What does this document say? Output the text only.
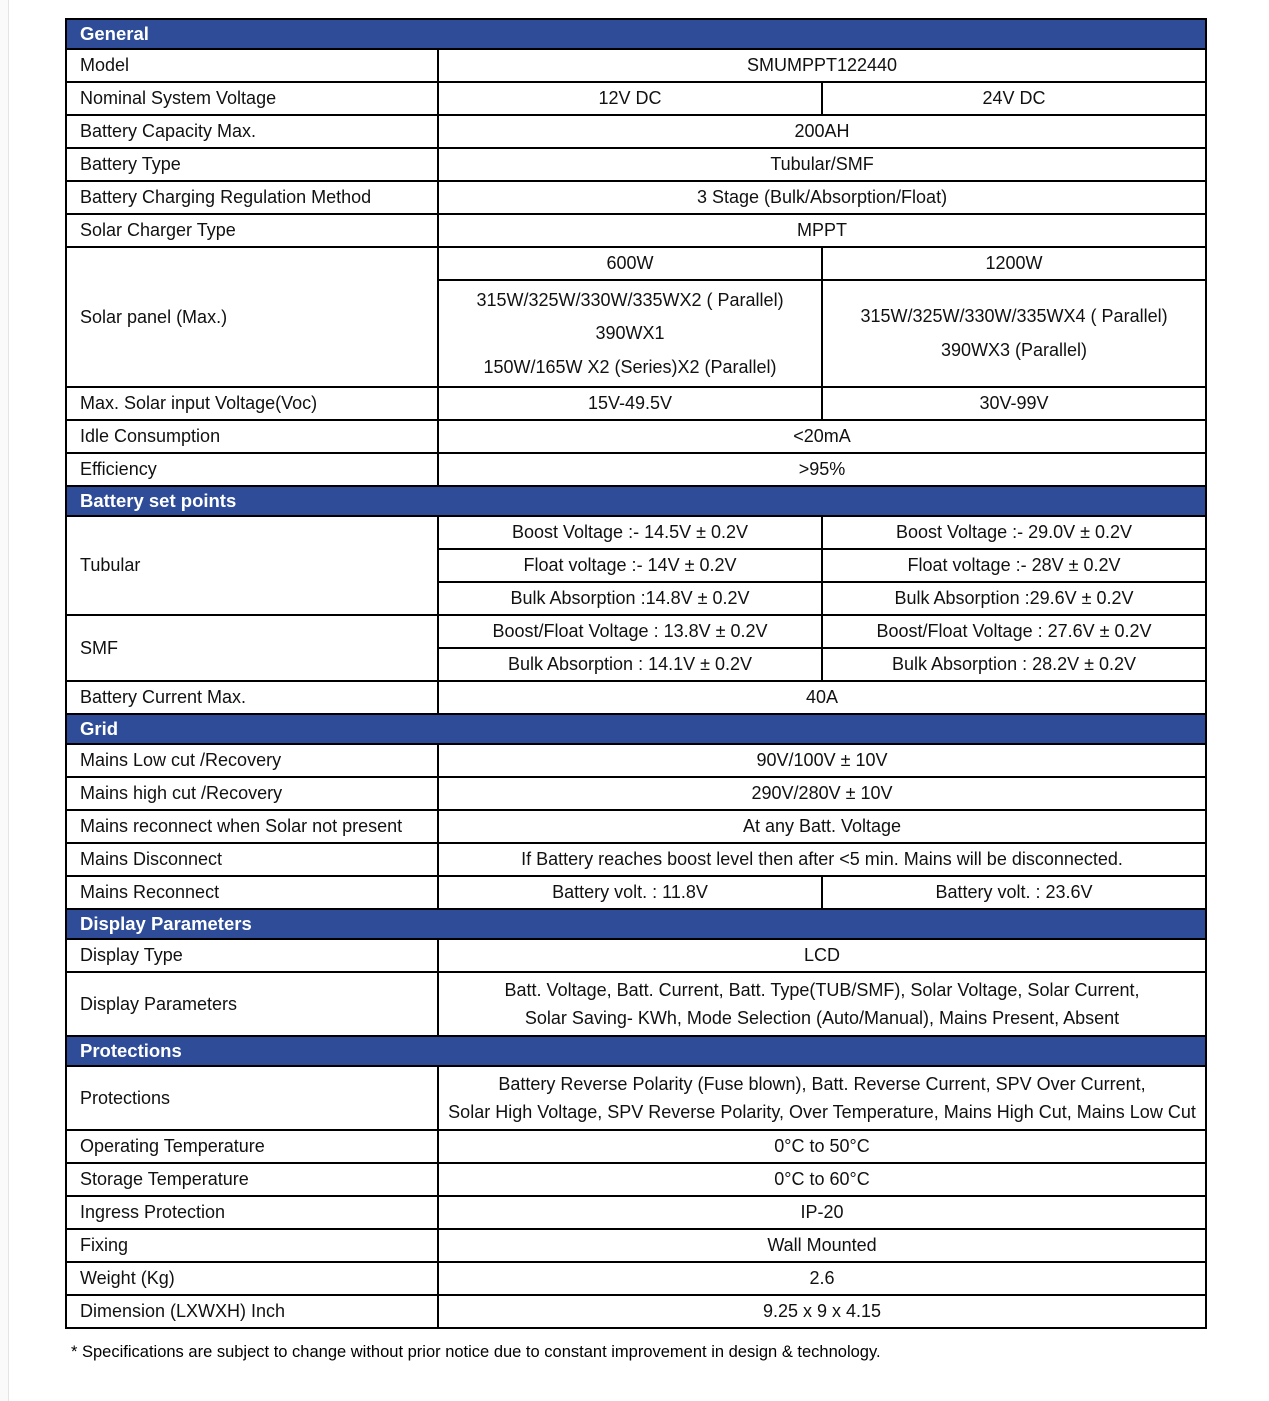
General		
Model	SMUMPPT122440	
Nominal System Voltage	12V DC	24V DC
Battery Capacity Max.	200AH	
Battery Type	Tubular/SMF	
Battery Charging Regulation Method	3 Stage (Bulk/Absorption/Float)	
Solar Charger Type	MPPT	
Solar panel (Max.)	600W	1200W

315W/325W/330W/335WX2 ( Parallel)
390WX1
150W/165W X2 (Series)X2 (Parallel)

315W/325W/330W/335WX4 ( Parallel)
390WX3 (Parallel)

Max. Solar input Voltage(Voc)	15V-49.5V	30V-99V
Idle Consumption	<20mA	
Efficiency	>95%	
Battery set points		
Tubular	Boost Voltage :- 14.5V ± 0.2V	Boost Voltage :- 29.0V ± 0.2V
	Float voltage :- 14V ± 0.2V	Float voltage :- 28V ± 0.2V
	Bulk Absorption :14.8V ± 0.2V	Bulk Absorption :29.6V ± 0.2V
SMF	Boost/Float Voltage : 13.8V ± 0.2V	Boost/Float Voltage : 27.6V ± 0.2V
	Bulk Absorption : 14.1V ± 0.2V	Bulk Absorption : 28.2V ± 0.2V
Battery Current Max.	40A	
Grid		
Mains Low cut /Recovery	90V/100V ± 10V	
Mains high cut /Recovery	290V/280V ± 10V	
Mains reconnect when Solar not present	At any Batt. Voltage	
Mains Disconnect	If Battery reaches boost level then after <5 min. Mains will be disconnected.	
Mains Reconnect	Battery volt. : 11.8V	Battery volt. : 23.6V
Display Parameters		
Display Type	LCD	
Display Parameters	Batt. Voltage, Batt. Current, Batt. Type(TUB/SMF), Solar Voltage, Solar Current,
Solar Saving- KWh, Mode Selection (Auto/Manual), Mains Present, Absent	

Protections		
Protections	Battery Reverse Polarity (Fuse blown), Batt. Reverse Current, SPV Over Current,
Solar High Voltage, SPV Reverse Polarity, Over Temperature, Mains High Cut, Mains Low Cut	

Operating Temperature	0°C to 50°C	
Storage Temperature	0°C to 60°C	
Ingress Protection	IP-20	
Fixing	Wall Mounted	
Weight (Kg)	2.6	
Dimension (LXWXH) Inch	9.25 x 9 x 4.15	
* Specifications are subject to change without prior notice due to constant improvement in design & technology.
